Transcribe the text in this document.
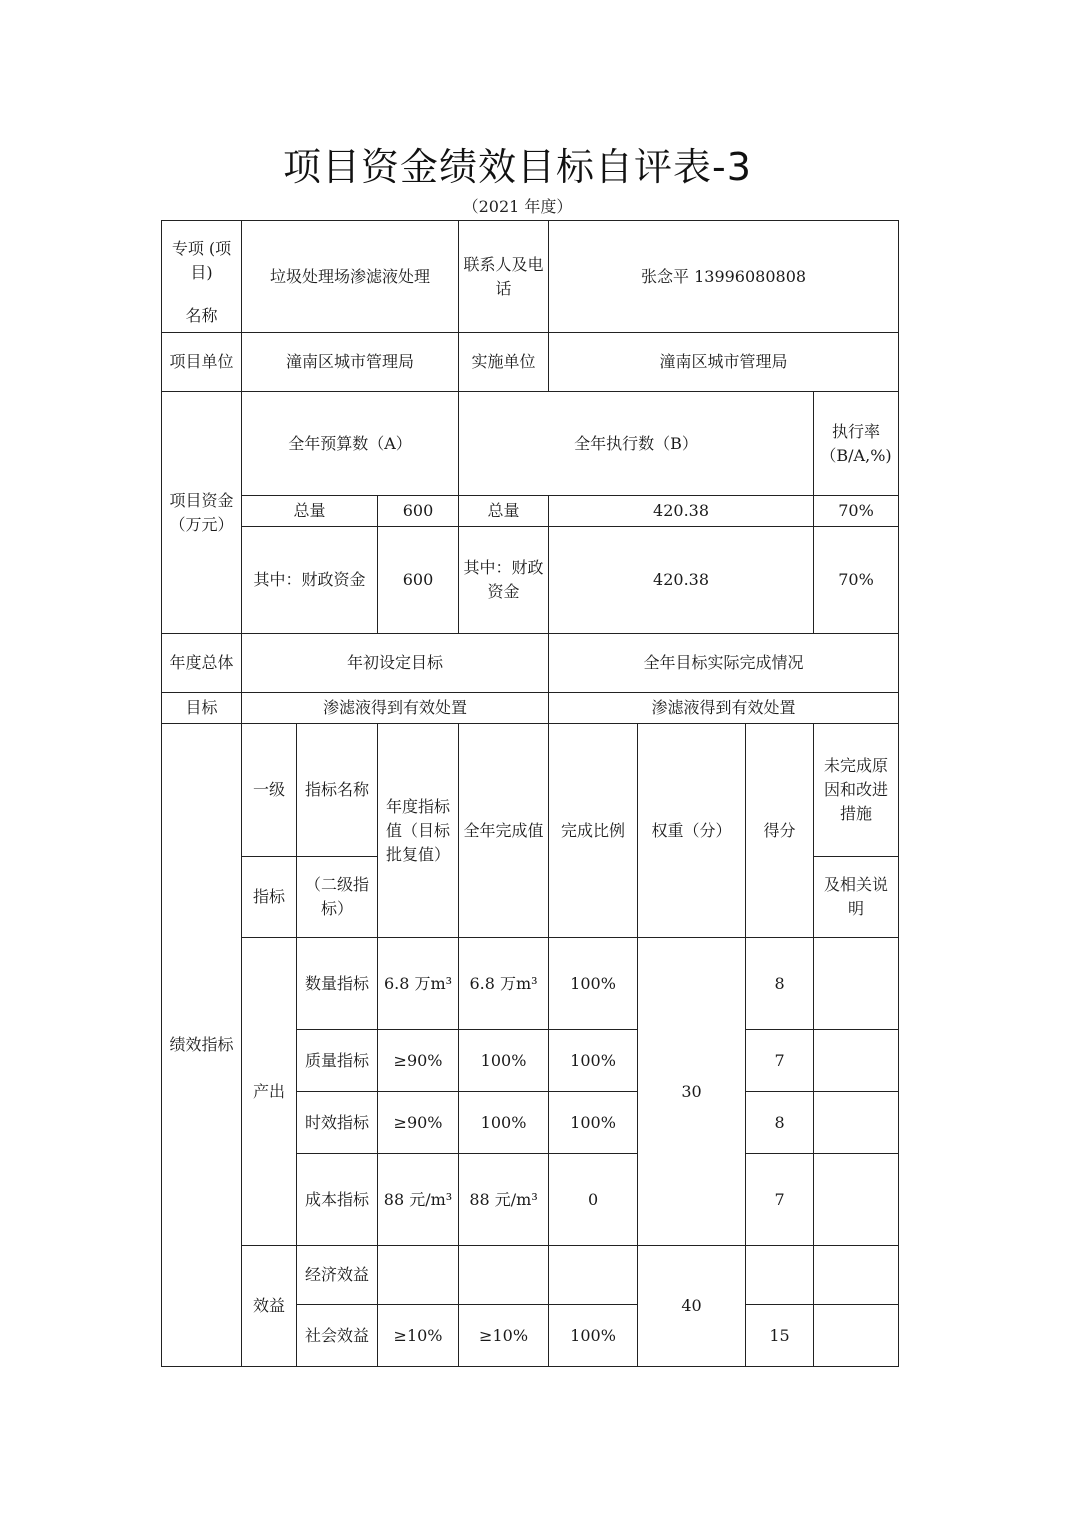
项目资金绩效目标自评表-3
（2021 年度）
专项 (项目)	垃圾处理场渗滤液处理			联系人及电话	张念平 13996080808			
名称								
项目单位	潼南区城市管理局			实施单位	潼南区城市管理局			
项目资金（万元）	全年预算数（A）			全年执行数（B）				执行率（B/A,%)
	总量		600	总量	420.38			70%
	其中：财政资金		600	其中：财政资金	420.38			70%
年度总体	年初设定目标				全年目标实际完成情况			
目标	渗滤液得到有效处置				渗滤液得到有效处置			
绩效指标	一级	指标名称	年度指标值（目标批复值）	全年完成值	完成比例	权重（分）	得分	未完成原因和改进措施
	指标	（二级指标）						及相关说明
	产出	数量指标	6.8 万m³	6.8 万m³	100%	30	8	
		质量指标	≥90%	100%	100%		7	
		时效指标	≥90%	100%	100%		8	
		成本指标	88 元/m³	88 元/m³	0		7	
	效益	经济效益				40		
		社会效益	≥10%	≥10%	100%		15	
